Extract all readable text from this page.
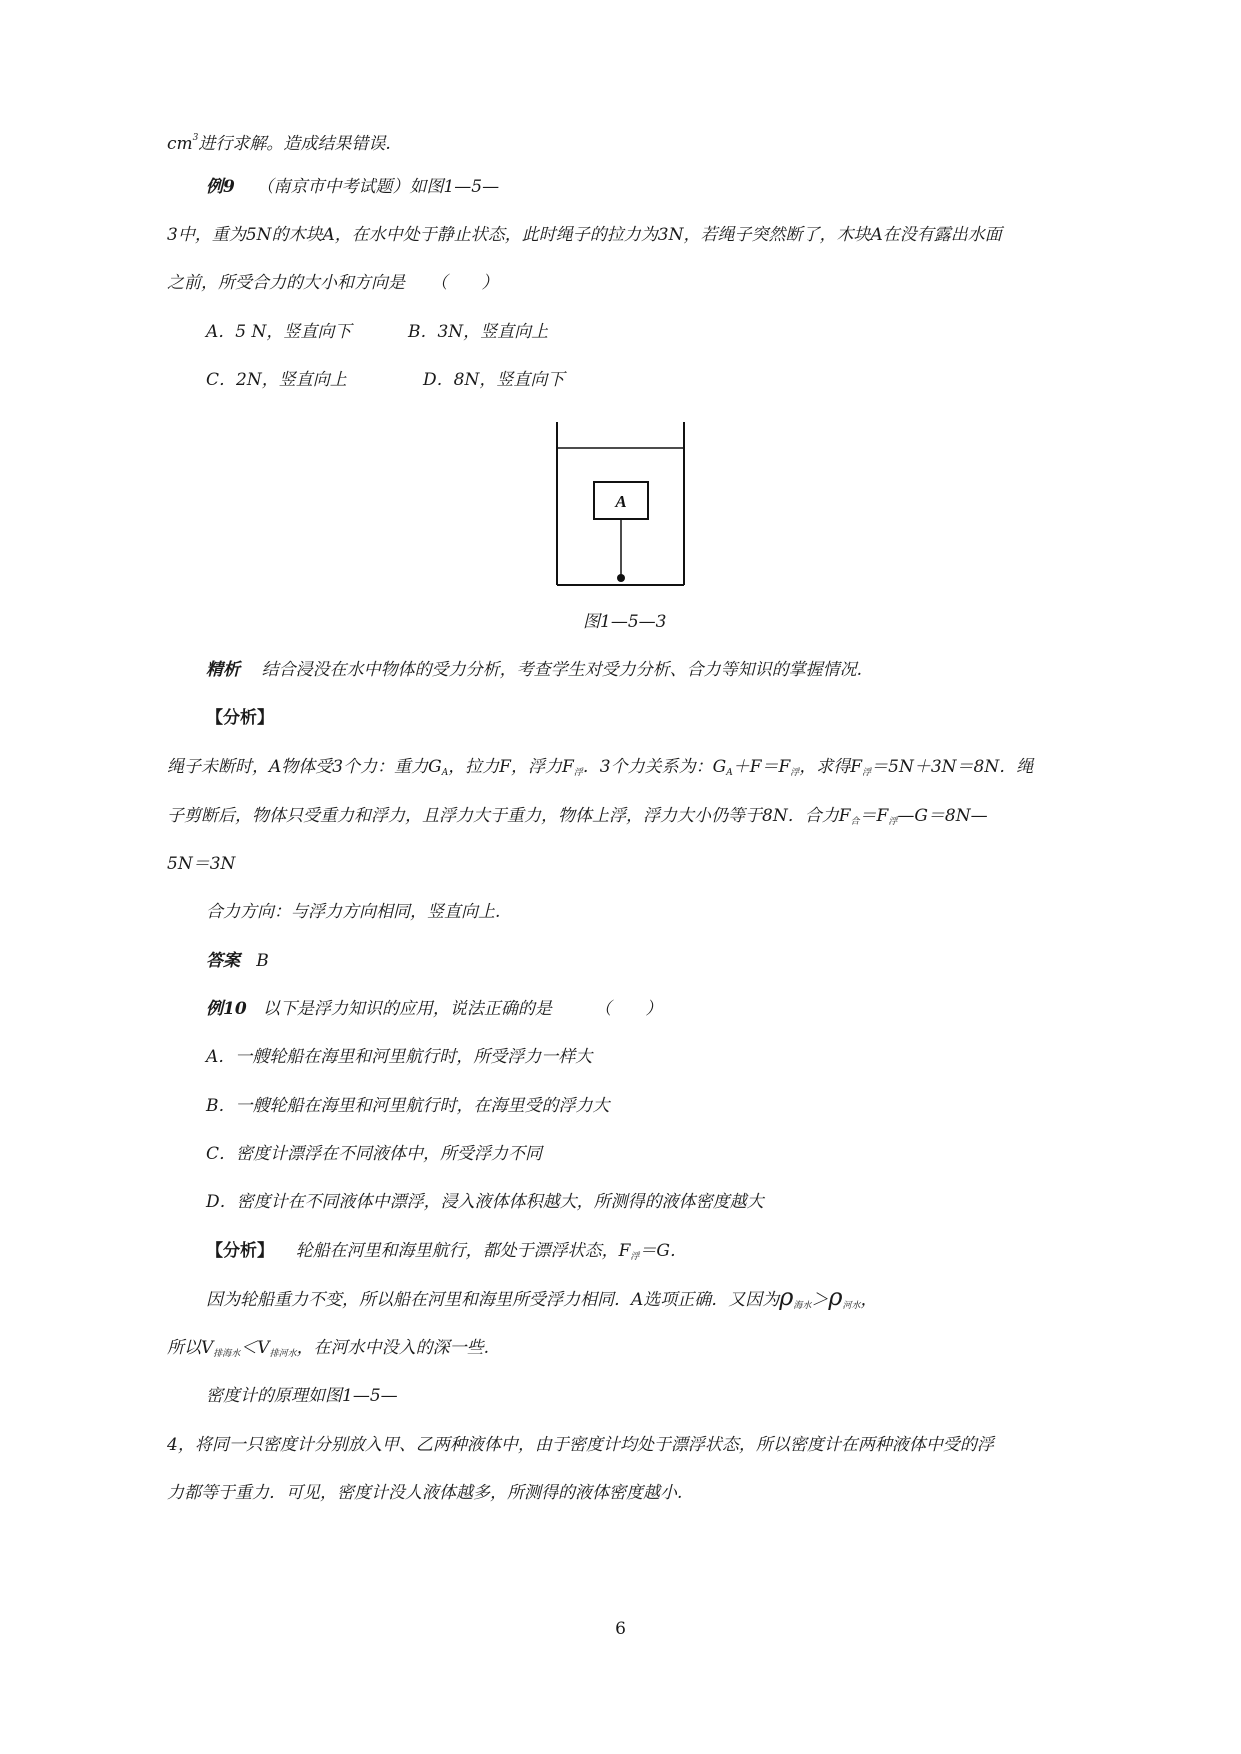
$cm^3$进行求解。造成结果错误.
例9 （南京市中考试题）如图1—5—
3中，重为5N的木块A，在水中处于静止状态，此时绳子的拉力为3N，若绳子突然断了，木块A在没有露出水面
之前，所受合力的大小和方向是　　（　　）
A．5 N，竖直向下	B．3N，竖直向上
C．2N，竖直向上	D．8N，竖直向下
A
图1—5—3
精析 结合浸没在水中物体的受力分析，考查学生对受力分析、合力等知识的掌握情况.
【分析】
绳子未断时，A物体受3个力：重力$G_A$，拉力F，浮力$F_浮$．3个力关系为：$G_A+F=F_浮$，求得$F_浮=5N+3N=8N$．绳
子剪断后，物体只受重力和浮力，且浮力大于重力，物体上浮，浮力大小仍等于8N．合力$F_合=F_浮—G=8N—$
5N＝3N
合力方向：与浮力方向相同，竖直向上.
答案 B
例10 以下是浮力知识的应用，说法正确的是　　　（　　）
A．一艘轮船在海里和河里航行时，所受浮力一样大
B．一艘轮船在海里和河里航行时，在海里受的浮力大
C．密度计漂浮在不同液体中，所受浮力不同
D．密度计在不同液体中漂浮，浸入液体体积越大，所测得的液体密度越大
【分析】 轮船在河里和海里航行，都处于漂浮状态，$F_浮=G$．
因为轮船重力不变，所以船在河里和海里所受浮力相同．A选项正确．又因为$\rho_{海水}>\rho_{河水}$，
所以$V_{排海水}<V_{排河水}$，在河水中没入的深一些.
密度计的原理如图1—5—
4，将同一只密度计分别放入甲、乙两种液体中，由于密度计均处于漂浮状态，所以密度计在两种液体中受的浮
力都等于重力．可见，密度计没人液体越多，所测得的液体密度越小.
6
